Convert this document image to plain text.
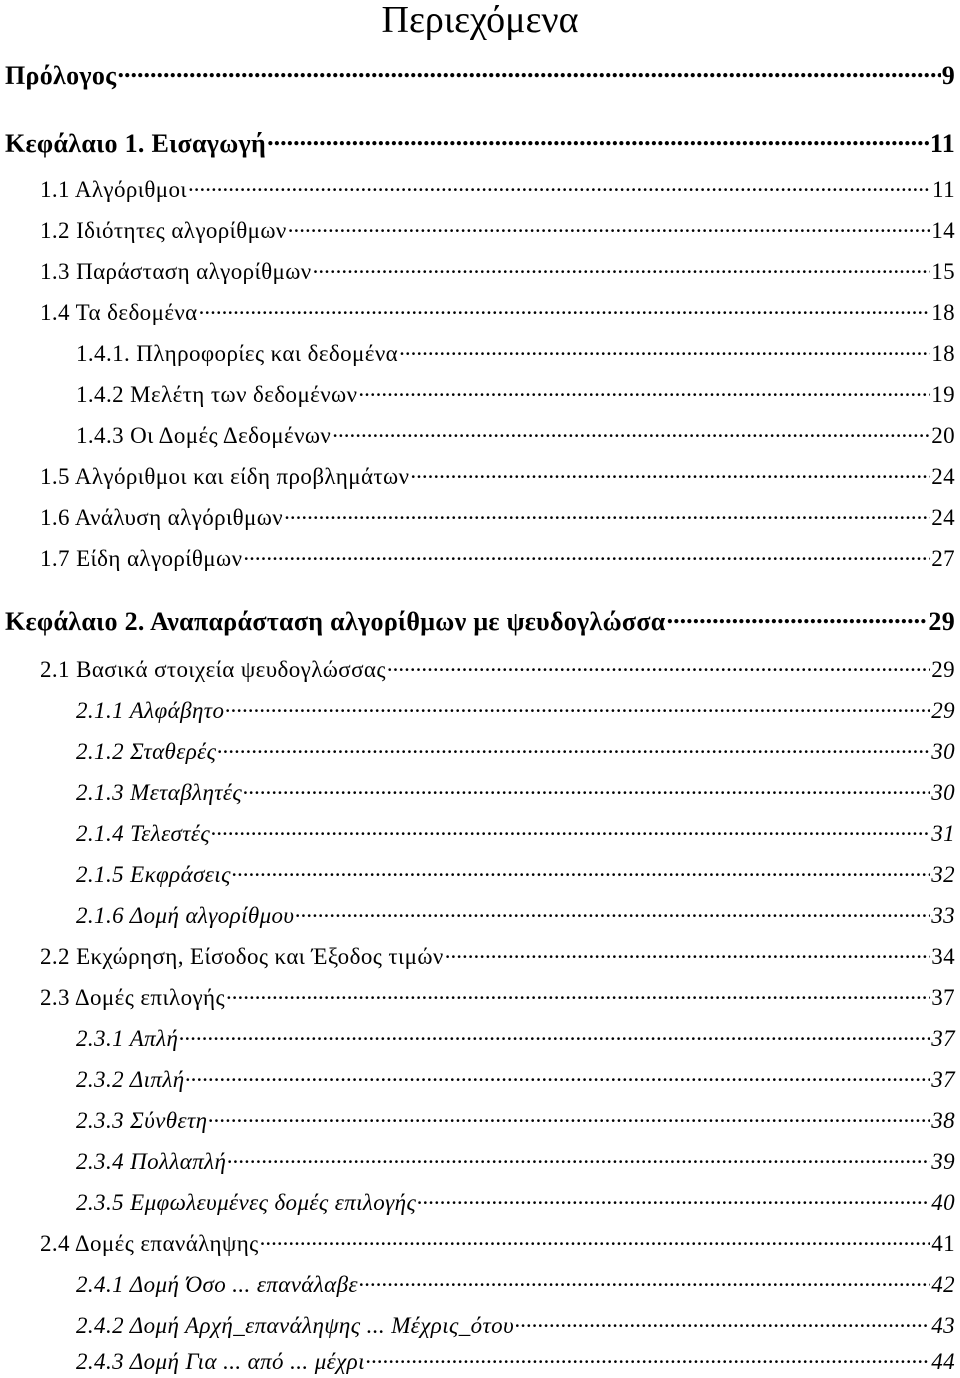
Περιεχόμενα
Πρόλογος .....	9
Κεφάλαιο 1. Εισαγωγή .....	11
1.1 Αλγόριθμοι .....	11
1.2 Ιδιότητες αλγορίθμων .....	14
1.3 Παράσταση αλγορίθμων .....	15
1.4 Τα δεδομένα .....	18
1.4.1. Πληροφορίες και δεδομένα .....	18
1.4.2 Μελέτη των δεδομένων .....	19
1.4.3 Οι Δομές Δεδομένων .....	20
1.5 Αλγόριθμοι και είδη προβλημάτων .....	24
1.6 Ανάλυση αλγόριθμων .....	24
1.7 Είδη αλγορίθμων .....	27
Κεφάλαιο 2. Αναπαράσταση αλγορίθμων με ψευδογλώσσα .....	29
2.1 Βασικά στοιχεία ψευδογλώσσας .....	29
2.1.1 Αλφάβητο .....	29
2.1.2 Σταθερές .....	30
2.1.3 Μεταβλητές .....	30
2.1.4 Τελεστές .....	31
2.1.5 Εκφράσεις .....	32
2.1.6 Δομή αλγορίθμου .....	33
2.2 Εκχώρηση, Είσοδος και Έξοδος τιμών .....	34
2.3 Δομές επιλογής .....	37
2.3.1 Απλή .....	37
2.3.2 Διπλή .....	37
2.3.3 Σύνθετη .....	38
2.3.4 Πολλαπλή .....	39
2.3.5 Εμφωλευμένες δομές επιλογής .....	40
2.4 Δομές επανάληψης .....	41
2.4.1 Δομή Όσο ... επανάλαβε .....	42
2.4.2 Δομή Αρχή_επανάληψης ... Μέχρις_ότου .....	43
2.4.3 Δομή Για ... από ... μέχρι .....	44
